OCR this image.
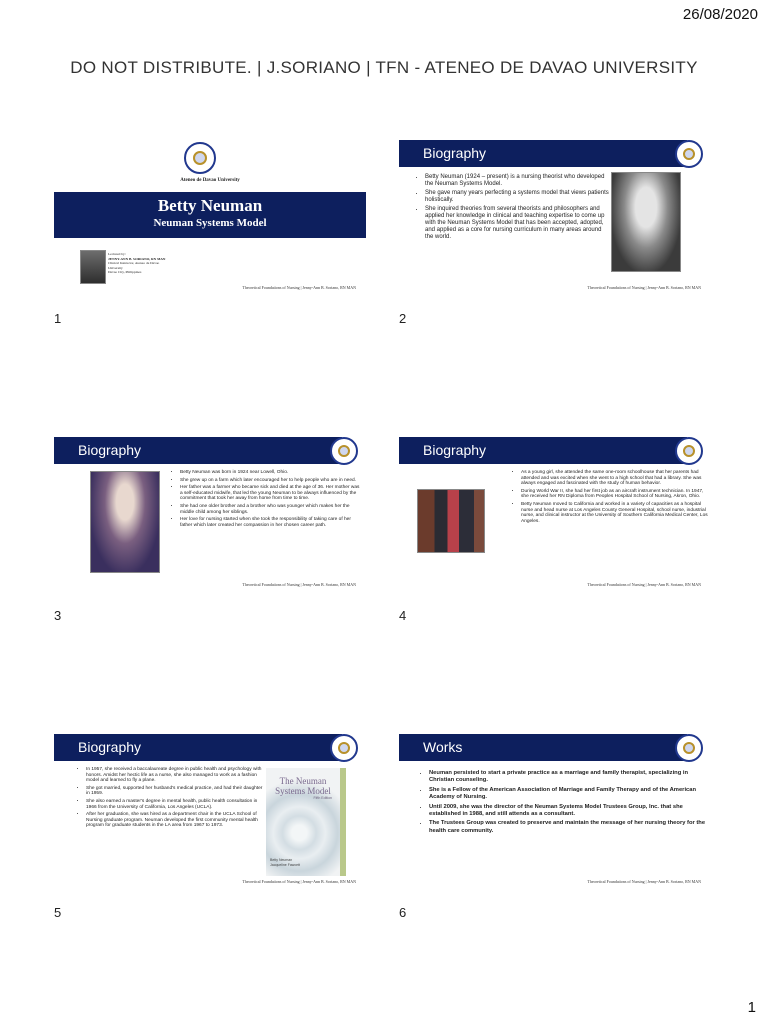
26/08/2020
DO NOT DISTRIBUTE. | J.SORIANO | TFN - ATENEO DE DAVAO UNIVERSITY
Ateneo de Davao University
Betty Neuman
Neuman Systems Model
Lectured by:
JENNY-ANN B. SORIANO, RN MAN
Clinical Instructor, Ateneo de Davao
University
Davao City, Philippines
Theoretical Foundations of Nursing | Jenny-Ann B. Soriano, RN MAN
1
Biography
• Betty Neuman (1924 – present) is a nursing theorist who developed the Neuman Systems Model.
• She gave many years perfecting a systems model that views patients holistically.
• She inquired theories from several theorists and philosophers and applied her knowledge in clinical and teaching expertise to come up with the Neuman Systems Model that has been accepted, adopted, and applied as a core for nursing curriculum in many areas around the world.
Theoretical Foundations of Nursing | Jenny-Ann B. Soriano, RN MAN
2
Biography
• Betty Neuman was born in 1924 near Lowell, Ohio.
• She grew up on a farm which later encouraged her to help people who are in need.
• Her father was a farmer who became sick and died at the age of 36. Her mother was a self-educated midwife, that led the young Neuman to be always influenced by the commitment that took her away from home from time to time.
• She had one older brother and a brother who was younger which makes her the middle child among her siblings.
• Her love for nursing started when she took the responsibility of taking care of her father which later created her compassion in her chosen career path.
Theoretical Foundations of Nursing | Jenny-Ann B. Soriano, RN MAN
3
Biography
• As a young girl, she attended the same one-room schoolhouse that her parents had attended and was excited when she went to a high school that had a library. She was always engaged and fascinated with the study of human behavior.
• During World War II, she had her first job as an aircraft instrument technician. In 1947, she received her RN Diploma from Peoples Hospital School of Nursing, Akron, Ohio.
• Betty Neuman moved to California and worked in a variety of capacities as a hospital nurse and head nurse at Los Angeles County General Hospital, school nurse, industrial nurse, and clinical instructor at the University of Southern California Medical Center, Los Angeles.
Theoretical Foundations of Nursing | Jenny-Ann B. Soriano, RN MAN
4
Biography
• In 1957, she received a baccalaureate degree in public health and psychology with honors. Amidst her hectic life as a nurse, she also managed to work as a fashion model and learned to fly a plane.
• She got married, supported her husband's medical practice, and had their daughter in 1959.
• She also earned a master's degree in mental health, public health consultation in 1966 from the University of California, Los Angeles (UCLA).
• After her graduation, she was hired as a department chair in the UCLA School of Nursing graduate program. Neuman developed the first community mental health program for graduate students in the LA area from 1967 to 1973.
The Neuman Systems Model
Fifth Edition
Betty Neuman
Jacqueline Fawcett
Theoretical Foundations of Nursing | Jenny-Ann B. Soriano, RN MAN
5
Works
• Neuman persisted to start a private practice as a marriage and family therapist, specializing in Christian counseling.
• She is a Fellow of the American Association of Marriage and Family Therapy and of the American Academy of Nursing.
• Until 2009, she was the director of the Neuman Systems Model Trustees Group, Inc. that she established in 1988, and still attends as a consultant.
• The Trustees Group was created to preserve and maintain the message of her nursing theory for the health care community.
Theoretical Foundations of Nursing | Jenny-Ann B. Soriano, RN MAN
6
1
